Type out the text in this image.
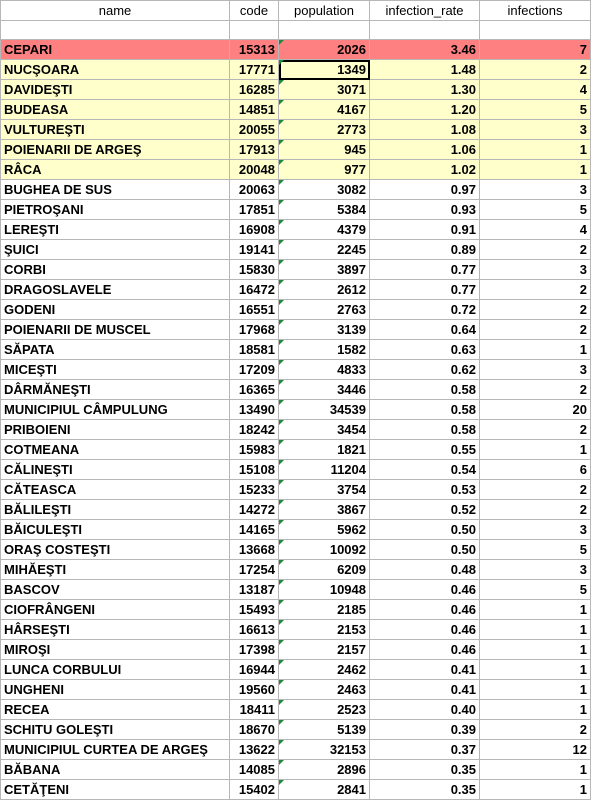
name	code	population	infection_rate	infections

CEPARI	15313	2026	3.46	7
NUCŞOARA	17771	1349	1.48	2
DAVIDEŞTI	16285	3071	1.30	4
BUDEASA	14851	4167	1.20	5
VULTUREŞTI	20055	2773	1.08	3
POIENARII DE ARGEŞ	17913	945	1.06	1
RÂCA	20048	977	1.02	1
BUGHEA DE SUS	20063	3082	0.97	3
PIETROŞANI	17851	5384	0.93	5
LEREŞTI	16908	4379	0.91	4
ŞUICI	19141	2245	0.89	2
CORBI	15830	3897	0.77	3
DRAGOSLAVELE	16472	2612	0.77	2
GODENI	16551	2763	0.72	2
POIENARII DE MUSCEL	17968	3139	0.64	2
SĂPATA	18581	1582	0.63	1
MICEŞTI	17209	4833	0.62	3
DÂRMĂNEŞTI	16365	3446	0.58	2
MUNICIPIUL CÂMPULUNG	13490	34539	0.58	20
PRIBOIENI	18242	3454	0.58	2
COTMEANA	15983	1821	0.55	1
CĂLINEŞTI	15108	11204	0.54	6
CĂTEASCA	15233	3754	0.53	2
BĂLILEŞTI	14272	3867	0.52	2
BĂICULEŞTI	14165	5962	0.50	3
ORAŞ COSTEŞTI	13668	10092	0.50	5
MIHĂEŞTI	17254	6209	0.48	3
BASCOV	13187	10948	0.46	5
CIOFRÂNGENI	15493	2185	0.46	1
HÂRSEŞTI	16613	2153	0.46	1
MIROŞI	17398	2157	0.46	1
LUNCA CORBULUI	16944	2462	0.41	1
UNGHENI	19560	2463	0.41	1
RECEA	18411	2523	0.40	1
SCHITU GOLEŞTI	18670	5139	0.39	2
MUNICIPIUL CURTEA DE ARGEŞ	13622	32153	0.37	12
BĂBANA	14085	2896	0.35	1
CETĂŢENI	15402	2841	0.35	1
